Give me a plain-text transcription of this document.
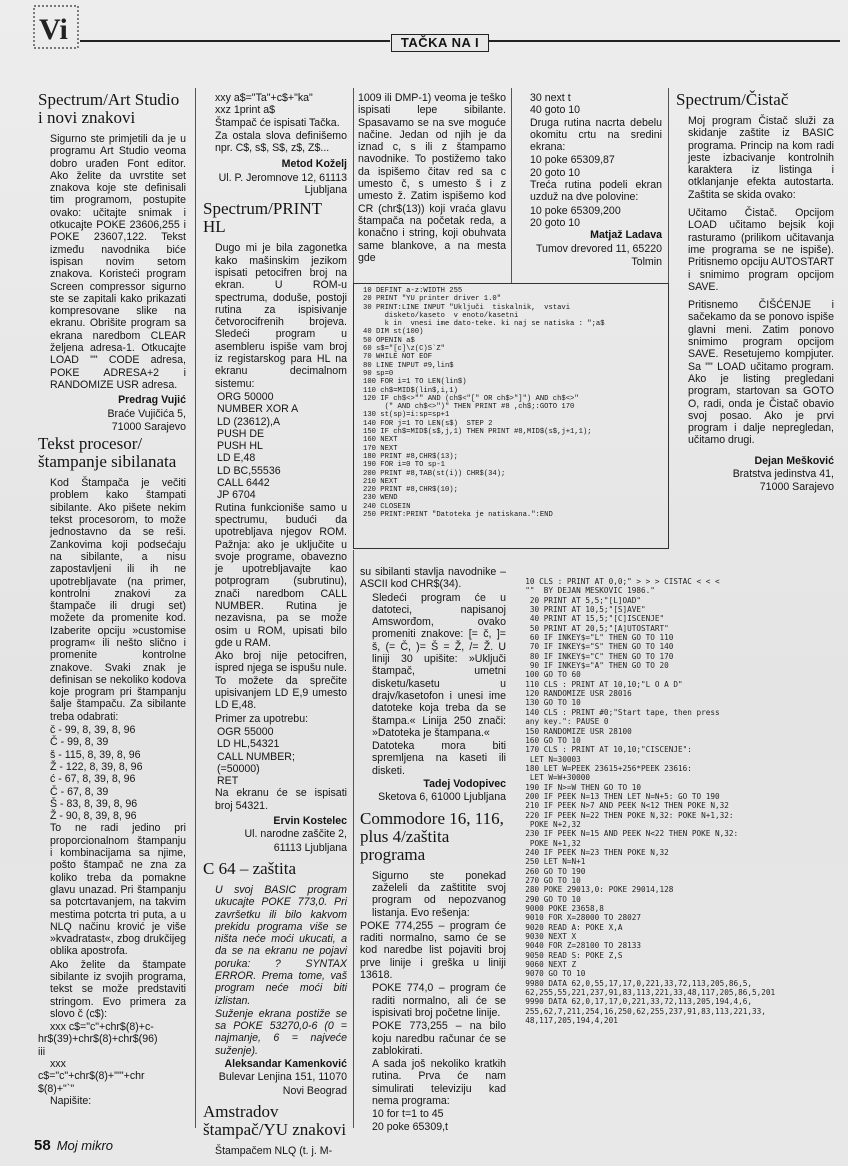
Vi	TAČKA NA I
Spectrum/Art Studio i novi znakovi

Sigurno ste primjetili da je u programu Art Studio veoma dobro urađen Font editor. Ako želite da uvrstite set znakova koje ste definisali tim programom, postupite ovako: učitajte snimak i otkucajte POKE 23606,255 i POKE 23607,122. Tekst između navodnika biće ispisan novim setom znakova. Koristeći program Screen compressor sigurno ste se zapitali kako prikazati kompresovane slike na ekranu. Obrišite program sa ekrana naredbom CLEAR željena adresa-1. Otkucajte LOAD "" CODE adresa, POKE ADRESA+2 i RANDOMIZE USR adresa.

Predrag Vujić

Braće Vujičića 5,

71000 Sarajevo

Tekst procesor/štampanje sibilanata

Kod Štampača je večiti problem kako štampati sibilante. Ako pišete nekim tekst procesorom, to može jednostavno da se reši. Zankovima koji podsećaju na sibilante, a nisu zapostavljeni ili ih ne upotrebljavate (na primer, kontrolni znakovi za štampače ili drugi set) možete da promenite kod. Izaberite opciju »customise program« ili nešto slično i promenite kontrolne znakove. Svaki znak je definisan se nekoliko kodova koje program pri štampanju šalje štampaču. Za sibilante treba odabrati:

č - 99, 8, 39, 8, 96
Č - 99, 8, 39
š - 115, 8, 39, 8, 96
Ž - 122, 8, 39, 8, 96
ć - 67, 8, 39, 8, 96
Č - 67, 8, 39
Š - 83, 8, 39, 8, 96
Ž - 90, 8, 39, 8, 96

To ne radi jedino pri proporcionalnom štampanju i kombinacijama sa njime, pošto štampač ne zna za koliko treba da pomakne glavu unazad. Pri štampanju sa potcrtavanjem, na takvim mestima potcrta tri puta, a u NLQ načinu krović je više »kvadratast«, zbog drukčijeg oblika apostrofa.

Ako želite da štampate sibilante iz svojih programa, tekst se može predstaviti stringom. Evo primera za slovo č (c$):

xxx c$="c"+chr$(8)+c-
hr$(39)+chr$(8)+chr$(96)
iii
xxx
c$="c"+chr$(8)+"'"+chr
$(8)+"`"
Napišite:
xxy a$="Ta"+c$+"ka"
xxz 1print a$

Štampač će ispisati Tačka.

Za ostala slova definišemo npr. C$, s$, S$, z$, Z$...

Metod Koželj

Ul. P. Jeromnove 12, 61113 Ljubljana

Spectrum/PRINT HL

Dugo mi je bila zagonetka kako mašinskim jezikom ispisati petocifren broj na ekran. U ROM-u spectruma, doduše, postoji rutina za ispisivanje četvorocifrenih brojeva. Sledeći program u asembleru ispiše vam broj iz registarskog para HL na ekranu decimalnom sistemu:

ORG 50000
NUMBER XOR A
LD (23612),A
PUSH DE
PUSH HL
LD E,48
LD BC,55536
CALL 6442
JP 6704

Rutina funkcioniše samo u spectrumu, budući da upotrebljava njegov ROM. Pažnja: ako je uključite u svoje programe, obavezno je upotrebljavajte kao potprogram (subrutinu), znači naredbom CALL NUMBER. Rutina je nezavisna, pa se može osim u ROM, upisati bilo gde u RAM.

Ako broj nije petocifren, ispred njega se ispušu nule. To možete da sprečite upisivanjem LD E,9 umesto LD E,48.

Primer za upotrebu:

OGR 55000
LD HL,54321
CALL NUMBER;
(=50000)
RET

Na ekranu će se ispisati broj 54321.

Ervin Kostelec

Ul. narodne zaščite 2,

61113 Ljubljana

C 64 – zaštita

U svoj BASIC program ukucajte POKE 773,0. Pri završetku ili bilo kakvom prekidu programa više se ništa neće moći ukucati, a da se na ekranu ne pojavi poruka: ? SYNTAX ERROR. Prema tome, vaš program neće moći biti izlistan.

Suženje ekrana postiže se sa POKE 53270,0-6 (0 = najmanje, 6 = najveće suženje).

Aleksandar Kamenković

Bulevar Lenjina 151, 11070

Novi Beograd

Amstradov štampač/YU znakovi

Štampačem NLQ (t. j. M-

1009 ili DMP-1) veoma je teško ispisati lepe sibilante. Spasavamo se na sve moguće načine. Jedan od njih je da iznad c, s ili z štampamo navodnike. To postižemo tako da ispišemo čitav red sa c umesto č, s umesto š i z umesto ž. Zatim ispišemo kod CR (chr$(13)) koji vraća glavu štampača na početak reda, a konačno i string, koji obuhvata same blankove, a na mesta gde

30 next t
40 goto 10

Druga rutina nacrta debelu okomitu crtu na sredini ekrana:

10 poke 65309,87
20 goto 10

Treća rutina podeli ekran uzduž na dve polovine:

10 poke 65309,200
20 goto 10

Matjaž Ladava

Tumov drevored 11, 65220

Tolmin

Spectrum/Čistač

Moj program Čistač služi za skidanje zaštite iz BASIC programa. Princip na kom radi jeste izbacivanje kontrolnih karaktera iz listinga i otklanjanje efekta autostarta. Zaštita se skida ovako:

Učitamo Čistač. Opcijom LOAD učitamo bejsik koji rasturamo (prilikom učitavanja ime programa se ne ispiše). Pritisnemo opciju AUTOSTART i snimimo program opcijom SAVE.

Pritisnemo ČIŠĆENJE i sačekamo da se ponovo ispiše glavni meni. Zatim ponovo snimimo program opcijom SAVE. Resetujemo kompjuter. Sa "" LOAD učitamo program. Ako je listing pregledani program, startovan sa GOTO O, radi, onda je Čistač obavio svoj posao. Ako je prvi program i dalje nepregledan, učitamo drugi.

Dejan Mešković

Bratstva jedinstva 41,

71000 Sarajevo

10 DEFINT a-z:WIDTH 255
20 PRINT "YU printer driver 1.0"
30 PRINT:LINE INPUT "Uključi  tiskalnik,  vstavi
disketo/kaseto  v enoto/kasetni
k in  vnesi ime dato-teke. ki naj se natiska : ";a$
40 DIM st(100)
50 OPENIN a$
60 s$="[c]\z(C)S`Z"
70 WHILE NOT EOF
80 LINE INPUT #9,lin$
90 sp=0
100 FOR i=1 TO LEN(lin$)
110 ch$=MID$(lin$,i,1)
120 IF ch$<>"" AND (ch$<"[" OR ch$>"]") AND ch$<>"
(" AND ch$<>")" THEN PRINT #8 ,ch$;:GOTO 170
130 st(sp)=i:sp=sp+1
140 FOR j=1 TO LEN(s$)  STEP 2
150 IF ch$=MID$(s$,j,1) THEN PRINT #8,MID$(s$,j+1,1);
160 NEXT
170 NEXT
180 PRINT #8,CHR$(13);
190 FOR i=0 TO sp-1
200 PRINT #8,TAB(st(i)) CHR$(34);
210 NEXT
220 PRINT #8,CHR$(10);
230 WEND
240 CLOSEIN
250 PRINT:PRINT "Datoteka je natiskana.":END

su sibilanti stavlja navodnike – ASCII kod CHR$(34).

Sledeći program će u datoteci, napisanoj Amsworđom, ovako promeniti znakove: [= č, ]= š, (= Č, )= Š = Ž, /= Ž. U liniji 30 upišite: »Uključi štampač, umetni disketu/kasetu u drajv/kasetofon i unesi ime datoteke koja treba da se štampa.« Linija 250 znači: »Datoteka je štampana.«

Datoteka mora biti spremljena na kaseti ili disketi.

Tadej Vodopivec

Sketova 6, 61000 Ljubljana

Commodore 16, 116, plus 4/zaštita programa

Sigurno ste ponekad zaželeli da zaštitite svoj program od nepozvanog listanja. Evo rešenja:

POKE 774,255 – program će raditi normalno, samo će se kod naredbe list pojaviti broj prve linije i greška u liniji 13618.

POKE 774,0 – program će raditi normalno, ali će se ispisivati broj početne linije.

POKE 773,255 – na bilo koju naredbu računar će se zablokirati.

A sada još nekoliko kratkih rutina. Prva će nam simulirati televiziju kad nema programa:

10 for t=1 to 45
20 poke 65309,t
10 CLS : PRINT AT 0,0;" > > > CISTAC < < <
""  BY DEJAN MESKOVIC 1986."
20 PRINT AT 5,5;"[L]OAD"
30 PRINT AT 10,5;"[S]AVE"
40 PRINT AT 15,5;"[C]ISCENJE"
50 PRINT AT 20,5;"[A]UTOSTART"
60 IF INKEY$="L" THEN GO TO 110
70 IF INKEY$="S" THEN GO TO 140
80 IF INKEY$="C" THEN GO TO 170
90 IF INKEY$="A" THEN GO TO 20
100 GO TO 60
110 CLS : PRINT AT 10,10;"L O A D"
120 RANDOMIZE USR 28016
130 GO TO 10
140 CLS : PRINT #0;"Start tape, then press
any key.": PAUSE 0
150 RANDOMIZE USR 28100
160 GO TO 10
170 CLS : PRINT AT 10,10;"CISCENJE":
LET N=30003
180 LET W=PEEK 23615+256*PEEK 23616:
LET W=W+30000
190 IF N>=W THEN GO TO 10
200 IF PEEK N=13 THEN LET N=N+5: GO TO 190
210 IF PEEK N>7 AND PEEK N<12 THEN POKE N,32
220 IF PEEK N=22 THEN POKE N,32: POKE N+1,32:
POKE N+2,32
230 IF PEEK N=15 AND PEEK N<22 THEN POKE N,32:
POKE N+1,32
240 IF PEEK N=23 THEN POKE N,32
250 LET N=N+1
260 GO TO 190
270 GO TO 10
280 POKE 29013,0: POKE 29014,128
290 GO TO 10
9000 POKE 23658,8
9010 FOR X=28000 TO 28027
9020 READ A: POKE X,A
9030 NEXT X
9040 FOR Z=28100 TO 28133
9050 READ S: POKE Z,S
9060 NEXT Z
9070 GO TO 10
9980 DATA 62,0,55,17,17,0,221,33,72,113,205,86,5,
62,255,55,221,237,91,83,113,221,33,48,117,205,86,5,201
9990 DATA 62,0,17,17,0,221,33,72,113,205,194,4,6,
255,62,7,211,254,16,250,62,255,237,91,83,113,221,33,
48,117,205,194,4,201
58 Moj mikro
